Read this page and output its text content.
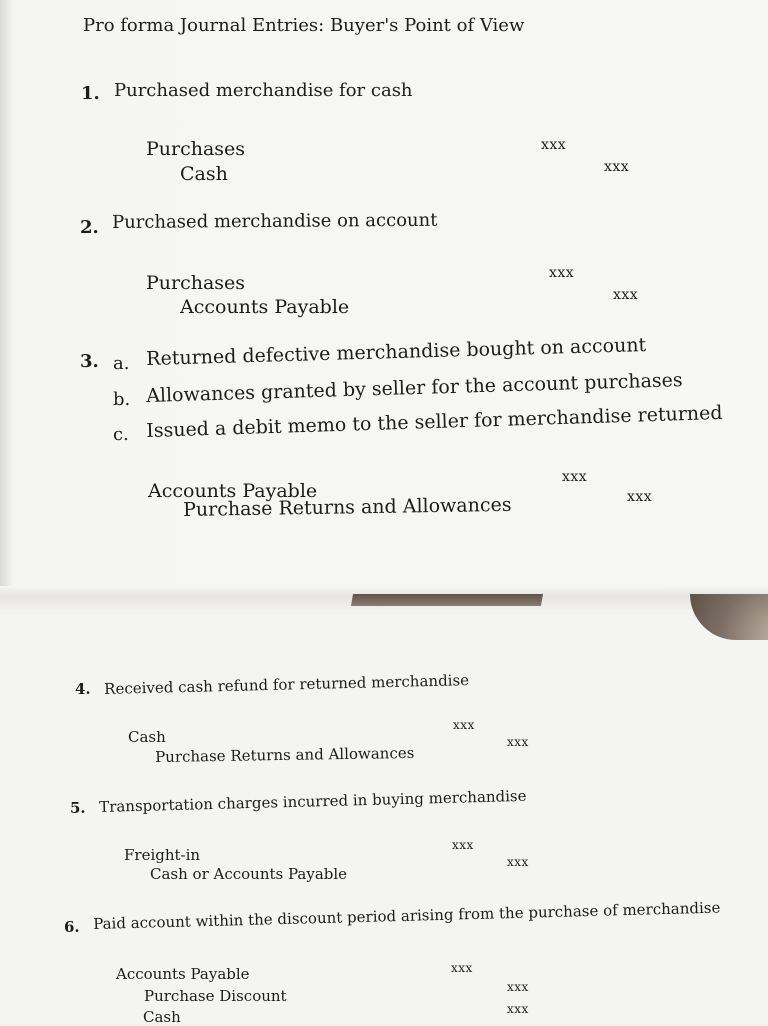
Pro forma Journal Entries: Buyer's Point of View
1. Purchased merchandise for cash
Purchases
Cash
xxx
xxx
2. Purchased merchandise on account
Purchases
Accounts Payable
xxx
xxx
3. a. Returned defective merchandise bought on account
b. Allowances granted by seller for the account purchases
c. Issued a debit memo to the seller for merchandise returned
Accounts Payable
Purchase Returns and Allowances
xxx
xxx
4. Received cash refund for returned merchandise
Cash
Purchase Returns and Allowances
xxx
xxx
5. Transportation charges incurred in buying merchandise
Freight-in
Cash or Accounts Payable
xxx
xxx
6. Paid account within the discount period arising from the purchase of merchandise
Accounts Payable
Purchase Discount
Cash
xxx
xxx
xxx
